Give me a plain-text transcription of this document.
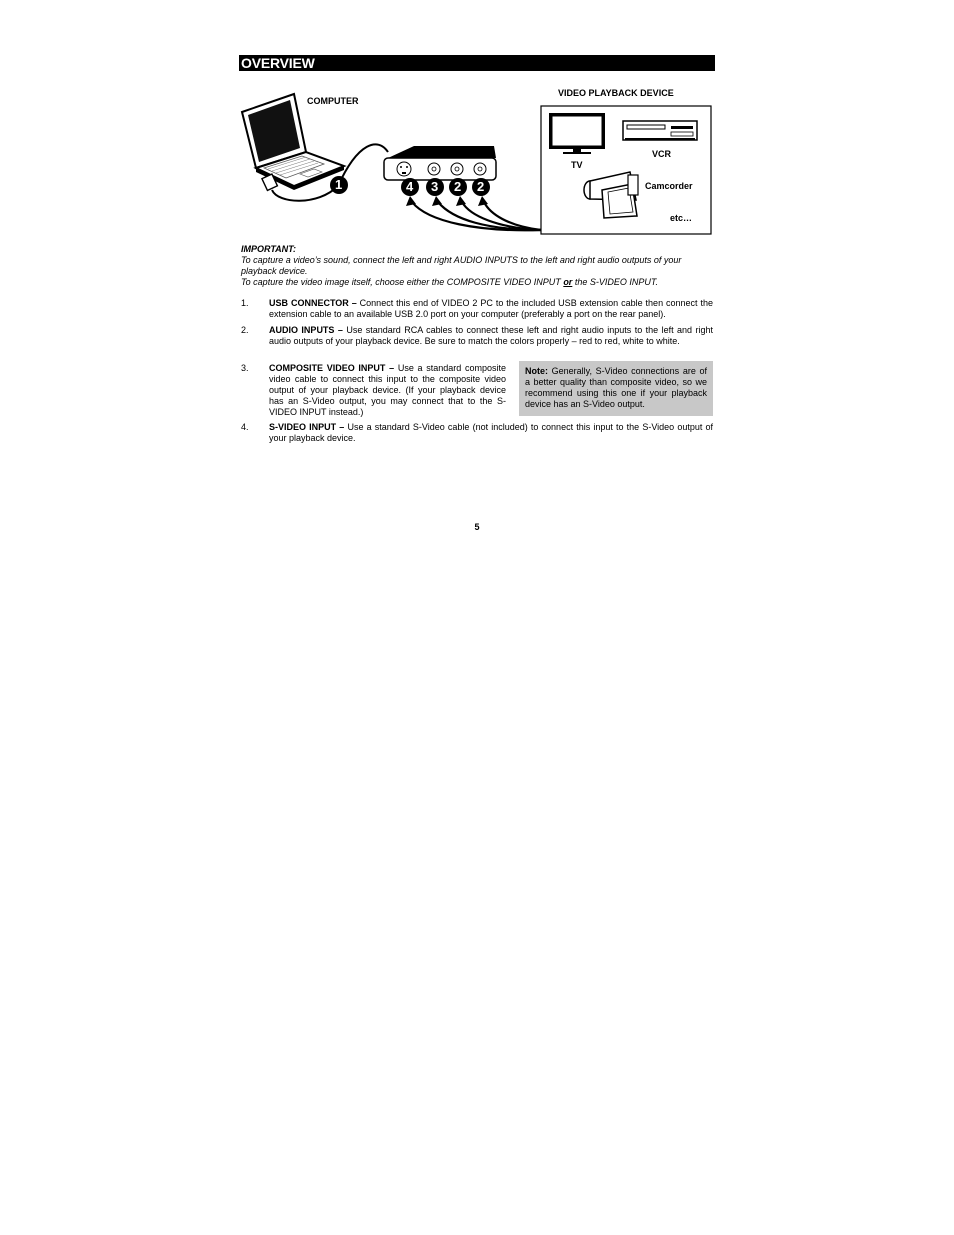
OVERVIEW
COMPUTER
VIDEO PLAYBACK DEVICE
TV
VCR
Camcorder
etc…
1	4 3 2 2
IMPORTANT:
To capture a video’s sound, connect the left and right AUDIO INPUTS to the left and right audio outputs of your playback device.
To capture the video image itself, choose either the COMPOSITE VIDEO INPUT or the S-VIDEO INPUT.
1.	USB CONNECTOR – Connect this end of VIDEO 2 PC to the included USB extension cable then connect the extension cable to an available USB 2.0 port on your computer (preferably a port on the rear panel).
2.	AUDIO INPUTS – Use standard RCA cables to connect these left and right audio inputs to the left and right audio outputs of your playback device. Be sure to match the colors properly – red to red, white to white.
3.	COMPOSITE VIDEO INPUT – Use a standard composite video cable to connect this input to the composite video output of your playback device. (If your playback device has an S-Video output, you may connect that to the S-VIDEO INPUT instead.)
Note: Generally, S-Video connections are of a better quality than composite video, so we recommend using this one if your playback device has an S-Video output.
4.	S-VIDEO INPUT – Use a standard S-Video cable (not included) to connect this input to the S-Video output of your playback device.
5
